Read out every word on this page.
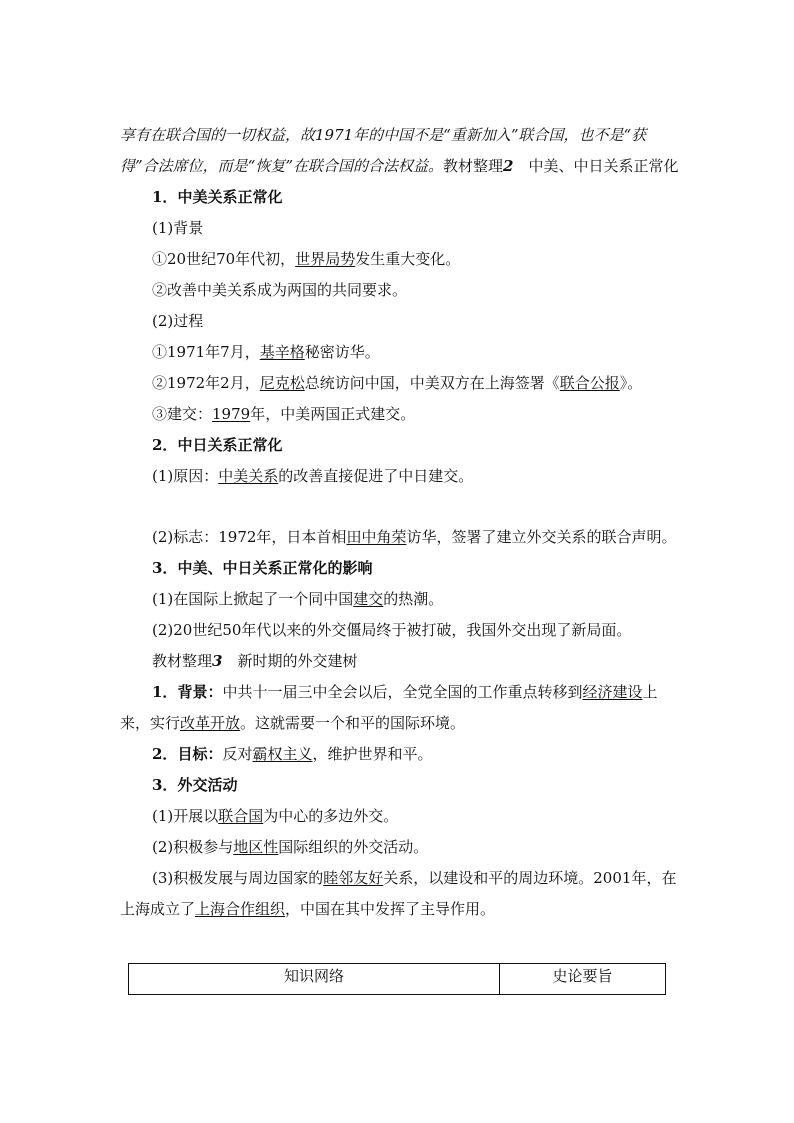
享有在联合国的一切权益，故1971年的中国不是“重新加入”联合国，也不是“获得”合法席位，而是“恢复”在联合国的合法权益。教材整理2　 中美、中日关系正常化

1．中美关系正常化

(1)背景

①20世纪70年代初，世界局势发生重大变化。

②改善中美关系成为两国的共同要求。

(2)过程

①1971年7月，基辛格秘密访华。

②1972年2月，尼克松总统访问中国，中美双方在上海签署《联合公报》。

③建交：1979年，中美两国正式建交。

2．中日关系正常化

(1)原因：中美关系的改善直接促进了中日建交。

(2)标志：1972年，日本首相田中角荣访华，签署了建立外交关系的联合声明。

3．中美、中日关系正常化的影响

(1)在国际上掀起了一个同中国建交的热潮。

(2)20世纪50年代以来的外交僵局终于被打破，我国外交出现了新局面。

教材整理3　 新时期的外交建树

1．背景：中共十一届三中全会以后，全党全国的工作重点转移到经济建设上来，实行改革开放。这就需要一个和平的国际环境。

2．目标：反对霸权主义，维护世界和平。

3．外交活动

(1)开展以联合国为中心的多边外交。

(2)积极参与地区性国际组织的外交活动。

(3)积极发展与周边国家的睦邻友好关系，以建设和平的周边环境。2001年，在上海成立了上海合作组织，中国在其中发挥了主导作用。

知识网络	史论要旨
